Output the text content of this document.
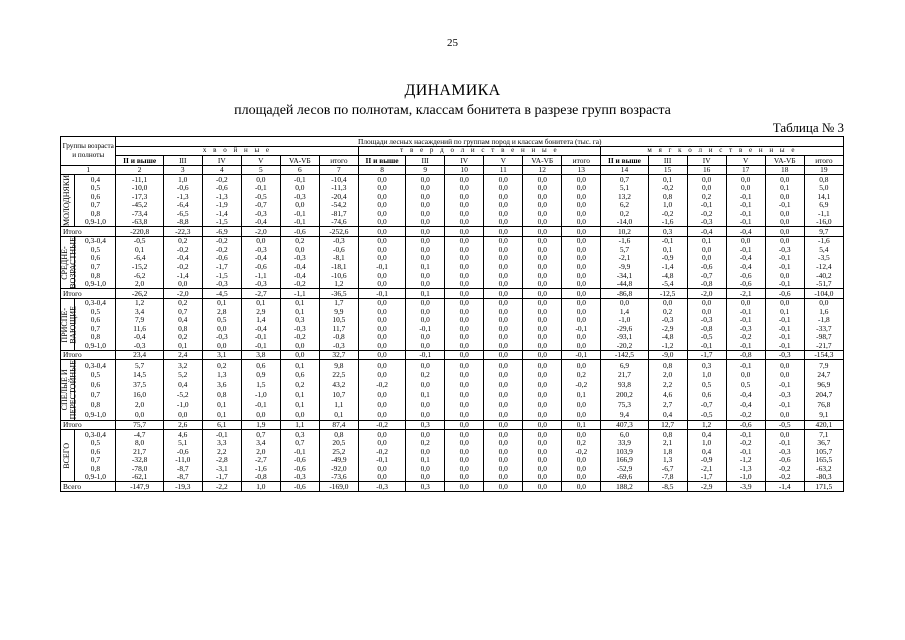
25
ДИНАМИКА
площадей лесов по полнотам, классам бонитета в разрезе групп возраста
Таблица № 3
Группы возраста и полноты		Площади лесных насаждений по группам пород и классам бонитета (тыс. га)																	
		х в о й н ы е						т в е р д о л и с т в е н н ы е						м я г к о л и с т в е н н ы е					
		II и выше	III	IV	V	VA-VБ	итого	II и выше	III	IV	V	VA-VБ	итого	II и выше	III	IV	V	VA-VБ	итого
1		2	3	4	5	6	7	8	9	10	11	12	13	14	15	16	17	18	19

МОЛОДНЯКИ	0,4	-11,1	1,0	-0,2	0,0	-0,1	-10,4	0,0	0,0	0,0	0,0	0,0	0,0	0,7	0,1	0,0	0,0	0,0	0,8
	0,5	-10,0	-0,6	-0,6	-0,1	0,0	-11,3	0,0	0,0	0,0	0,0	0,0	0,0	5,1	-0,2	0,0	0,0	0,1	5,0
	0,6	-17,3	-1,3	-1,3	-0,5	-0,3	-20,4	0,0	0,0	0,0	0,0	0,0	0,0	13,2	0,8	0,2	-0,1	0,0	14,1
	0,7	-45,2	-6,4	-1,9	-0,7	0,0	-54,2	0,0	0,0	0,0	0,0	0,0	0,0	6,2	1,0	-0,1	-0,1	-0,1	6,9
	0,8	-73,4	-6,5	-1,4	-0,3	-0,1	-81,7	0,0	0,0	0,0	0,0	0,0	0,0	0,2	-0,2	-0,2	-0,1	0,0	-1,1
	0,9-1,0	-63,8	-8,8	-1,5	-0,4	-0,1	-74,6	0,0	0,0	0,0	0,0	0,0	0,0	-14,0	-1,6	-0,3	-0,1	0,0	-16,0
Итого		-220,8	-22,3	-6,9	-2,0	-0,6	-252,6	0,0	0,0	0,0	0,0	0,0	0,0	10,2	0,3	-0,4	-0,4	0,0	9,7

СРЕДНЕ-
ВОЗРАСТНЫЕ	0,3-0,4	-0,5	0,2	-0,2	0,0	0,2	-0,3	0,0	0,0	0,0	0,0	0,0	0,0	-1,6	-0,1	0,1	0,0	0,0	-1,6
	0,5	0,1	-0,2	-0,2	-0,3	0,0	-0,6	0,0	0,0	0,0	0,0	0,0	0,0	5,7	0,1	0,0	-0,1	-0,3	5,4
	0,6	-6,4	-0,4	-0,6	-0,4	-0,3	-8,1	0,0	0,0	0,0	0,0	0,0	0,0	-2,1	-0,9	0,0	-0,4	-0,1	-3,5
	0,7	-15,2	-0,2	-1,7	-0,6	-0,4	-18,1	-0,1	0,1	0,0	0,0	0,0	0,0	-9,9	-1,4	-0,6	-0,4	-0,1	-12,4
	0,8	-6,2	-1,4	-1,5	-1,1	-0,4	-10,6	0,0	0,0	0,0	0,0	0,0	0,0	-34,1	-4,8	-0,7	-0,6	0,0	-40,2
	0,9-1,0	2,0	0,0	-0,3	-0,3	-0,2	1,2	0,0	0,0	0,0	0,0	0,0	0,0	-44,8	-5,4	-0,8	-0,6	-0,1	-51,7
Итого		-26,2	-2,0	-4,5	-2,7	-1,1	-36,5	-0,1	0,1	0,0	0,0	0,0	0,0	-86,8	-12,5	-2,0	-2,1	-0,6	-104,0

ПРИСПЕ-
ВАЮЩИЕ	0,3-0,4	1,2	0,2	0,1	0,1	0,1	1,7	0,0	0,0	0,0	0,0	0,0	0,0	0,0	0,0	0,0	0,0	0,0	0,0
	0,5	3,4	0,7	2,8	2,9	0,1	9,9	0,0	0,0	0,0	0,0	0,0	0,0	1,4	0,2	0,0	-0,1	0,1	1,6
	0,6	7,9	0,4	0,5	1,4	0,3	10,5	0,0	0,0	0,0	0,0	0,0	0,0	-1,0	-0,3	-0,3	-0,1	-0,1	-1,8
	0,7	11,6	0,8	0,0	-0,4	-0,3	11,7	0,0	-0,1	0,0	0,0	0,0	-0,1	-29,6	-2,9	-0,8	-0,3	-0,1	-33,7
	0,8	-0,4	0,2	-0,3	-0,1	-0,2	-0,8	0,0	0,0	0,0	0,0	0,0	0,0	-93,1	-4,8	-0,5	-0,2	-0,1	-98,7
	0,9-1,0	-0,3	0,1	0,0	-0,1	0,0	-0,3	0,0	0,0	0,0	0,0	0,0	0,0	-20,2	-1,2	-0,1	-0,1	-0,1	-21,7
Итого		23,4	2,4	3,1	3,8	0,0	32,7	0,0	-0,1	0,0	0,0	0,0	-0,1	-142,5	-9,0	-1,7	-0,8	-0,3	-154,3

СПЕЛЫЕ И
ПЕРЕСТОЙНЫЕ	0,3-0,4	5,7	3,2	0,2	0,6	0,1	9,8	0,0	0,0	0,0	0,0	0,0	0,0	6,9	0,8	0,3	-0,1	0,0	7,9
	0,5	14,5	5,2	1,3	0,9	0,6	22,5	0,0	0,2	0,0	0,0	0,0	0,2	21,7	2,0	1,0	0,0	0,0	24,7
	0,6	37,5	0,4	3,6	1,5	0,2	43,2	-0,2	0,0	0,0	0,0	0,0	-0,2	93,8	2,2	0,5	0,5	-0,1	96,9
	0,7	16,0	-5,2	0,8	-1,0	0,1	10,7	0,0	0,1	0,0	0,0	0,0	0,1	200,2	4,6	0,6	-0,4	-0,3	204,7
	0,8	2,0	-1,0	0,1	-0,1	0,1	1,1	0,0	0,0	0,0	0,0	0,0	0,0	75,3	2,7	-0,7	-0,4	-0,1	76,8
	0,9-1,0	0,0	0,0	0,1	0,0	0,0	0,1	0,0	0,0	0,0	0,0	0,0	0,0	9,4	0,4	-0,5	-0,2	0,0	9,1
Итого		75,7	2,6	6,1	1,9	1,1	87,4	-0,2	0,3	0,0	0,0	0,0	0,1	407,3	12,7	1,2	-0,6	-0,5	420,1

ВСЕГО	0,3-0,4	-4,7	4,6	-0,1	0,7	0,3	0,8	0,0	0,0	0,0	0,0	0,0	0,0	6,0	0,8	0,4	-0,1	0,0	7,1
	0,5	8,0	5,1	3,3	3,4	0,7	20,5	0,0	0,2	0,0	0,0	0,0	0,2	33,9	2,1	1,0	-0,2	-0,1	36,7
	0,6	21,7	-0,6	2,2	2,0	-0,1	25,2	-0,2	0,0	0,0	0,0	0,0	-0,2	103,9	1,8	0,4	-0,1	-0,3	105,7
	0,7	-32,8	-11,0	-2,8	-2,7	-0,6	-49,9	-0,1	0,1	0,0	0,0	0,0	0,0	166,9	1,3	-0,9	-1,2	-0,6	165,5
	0,8	-78,0	-8,7	-3,1	-1,6	-0,6	-92,0	0,0	0,0	0,0	0,0	0,0	0,0	-52,9	-6,7	-2,1	-1,3	-0,2	-63,2
	0,9-1,0	-62,1	-8,7	-1,7	-0,8	-0,3	-73,6	0,0	0,0	0,0	0,0	0,0	0,0	-69,6	-7,8	-1,7	-1,0	-0,2	-80,3
Всего		-147,9	-19,3	-2,2	1,0	-0,6	-169,0	-0,3	0,3	0,0	0,0	0,0	0,0	188,2	-8,5	-2,9	-3,9	-1,4	171,5
